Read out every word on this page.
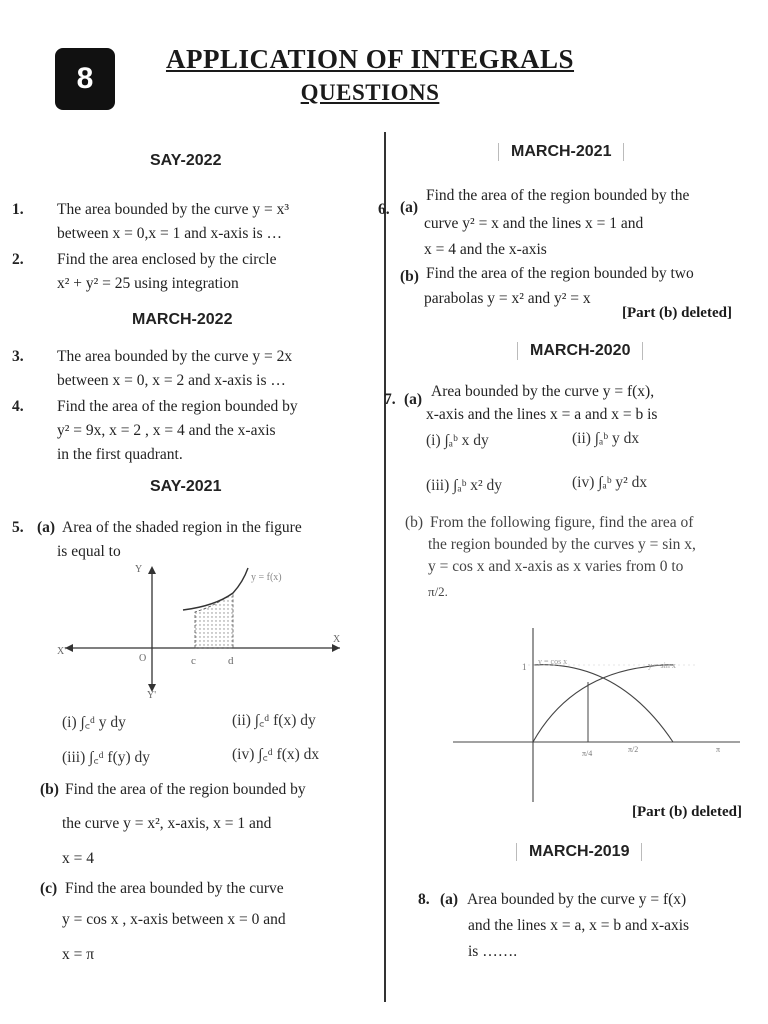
8
APPLICATION OF INTEGRALS
QUESTIONS
SAY-2022
1. The area bounded by the curve y = x³
between x = 0,x = 1 and x-axis is …
2. Find the area enclosed by the circle
x² + y² = 25 using integration
MARCH-2022
3. The area bounded by the curve y = 2x
between x = 0, x = 2 and x-axis is …
4. Find the area of the region bounded by
y² = 9x, x = 2 , x = 4 and the x-axis
in the first quadrant.
SAY-2021
5. (a) Area of the shaded region in the figure
is equal to
Y
Y'
X'
X
O	c	d
y = f(x)
(i) ∫꜀ᵈ y dy	(ii) ∫꜀ᵈ f(x) dy
(iii) ∫꜀ᵈ f(y) dy	(iv) ∫꜀ᵈ f(x) dx
(b) Find the area of the region bounded by
the curve y = x², x-axis, x = 1 and
x = 4
(c) Find the area bounded by the curve
y = cos x , x-axis between x = 0 and
x = π
MARCH-2021
6. (a)
Find the area of the region bounded by the
curve y² = x and the lines x = 1 and
x = 4 and the x-axis
(b) Find the area of the region bounded by two
parabolas y = x² and y² = x
[Part (b) deleted]
MARCH-2020
7. (a) Area bounded by the curve y = f(x),
x-axis and the lines x = a and x = b is
(i) ∫ₐᵇ x dy	(ii) ∫ₐᵇ y dx
(iii) ∫ₐᵇ x² dy	(iv) ∫ₐᵇ y² dx
(b) From the following figure, find the area of
the region bounded by the curves y = sin x,
y = cos x and x-axis as x varies from 0 to
π/2.
1
y = cos x	y = sin x
π/4	π/2	π
[Part (b) deleted]
MARCH-2019
8. (a) Area bounded by the curve y = f(x)
and the lines x = a, x = b and x-axis
is …….
